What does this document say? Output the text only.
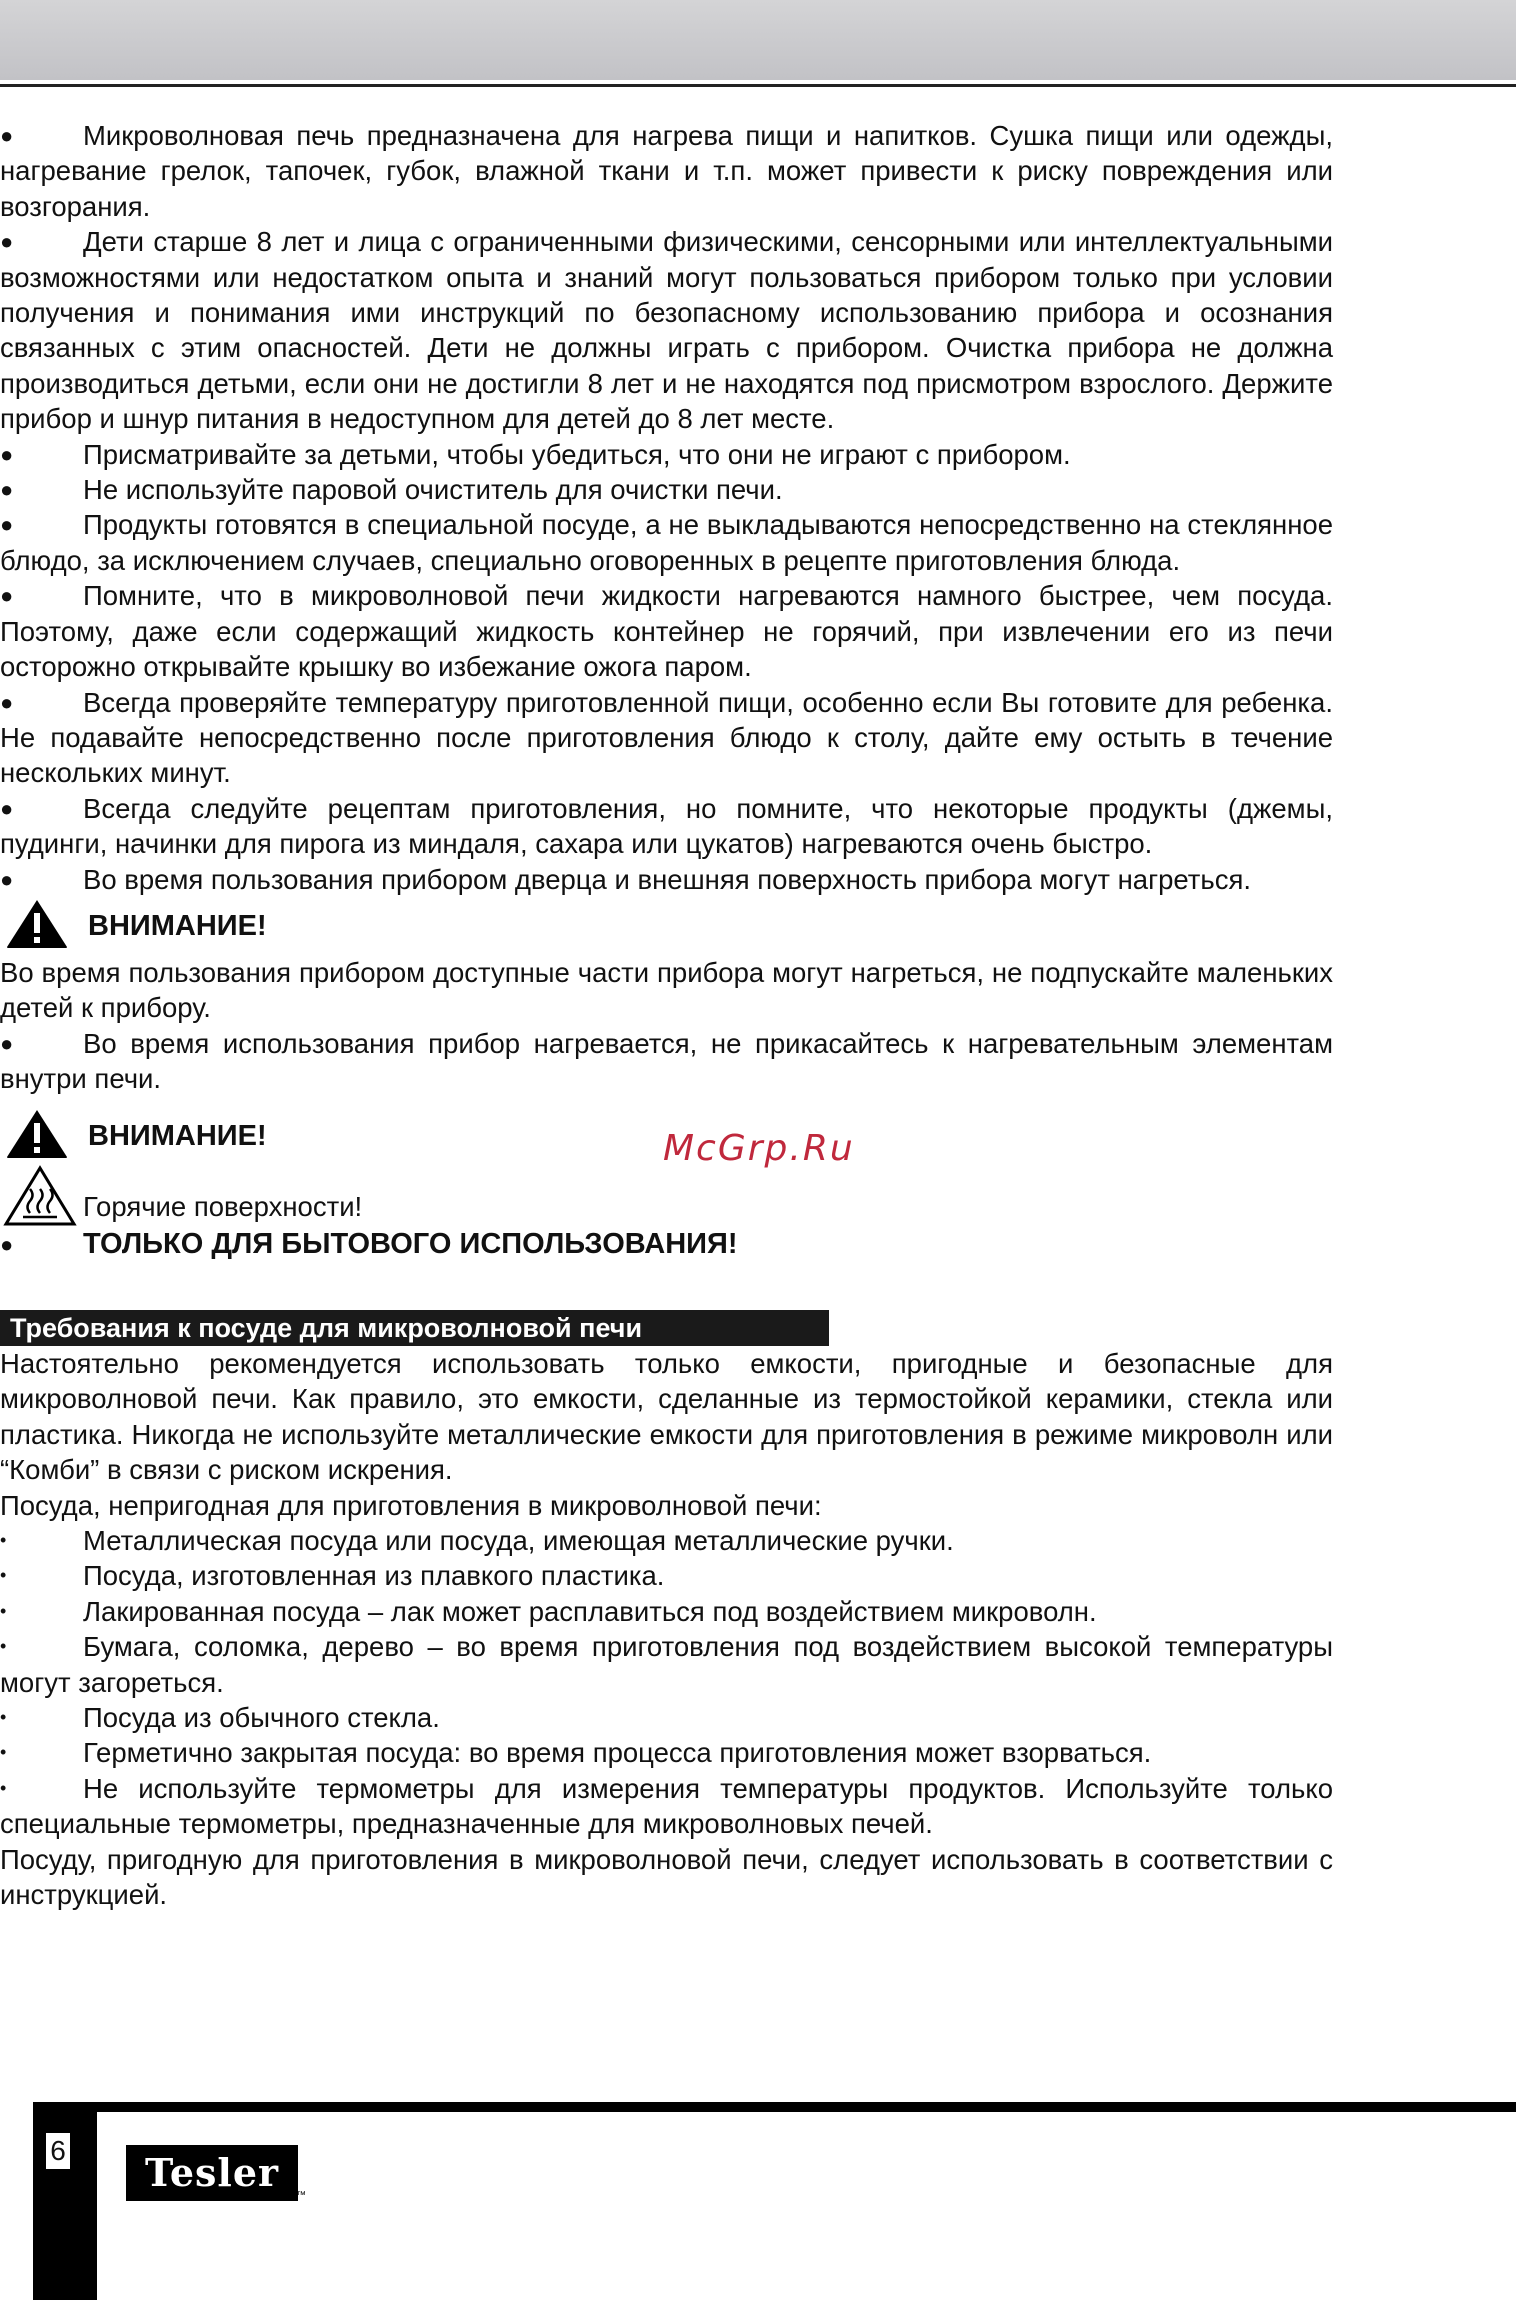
●	Микроволновая печь предназначена для нагрева пищи и напитков. Сушка пищи или одежды, нагревание грелок, тапочек, губок, влажной ткани и т.п. может привести к риску повреждения или возгорания.
●	Дети старше 8 лет и лица с ограниченными физическими, сенсорными или интеллектуальными возможностями или недостатком опыта и знаний могут пользоваться прибором только при условии получения и понимания ими инструкций по безопасному использованию прибора и осознания связанных с этим опасностей. Дети не должны играть с прибором. Очистка прибора не должна производиться детьми, если они не достигли 8 лет и не находятся под присмотром взрослого. Держите прибор и шнур питания в недоступном для детей до 8 лет месте.
●	Присматривайте за детьми, чтобы убедиться, что они не играют с прибором.
●	Не используйте паровой очиститель для очистки печи.
●	Продукты готовятся в специальной посуде, а не выкладываются непосредственно на стеклянное блюдо, за исключением случаев, специально оговоренных в рецепте приготовления блюда.
●	Помните, что в микроволновой печи жидкости нагреваются намного быстрее, чем посуда. Поэтому, даже если содержащий жидкость контейнер не горячий, при извлечении его из печи осторожно открывайте крышку во избежание ожога паром.
●	Всегда проверяйте температуру приготовленной пищи, особенно если Вы готовите для ребенка. Не подавайте непосредственно после приготовления блюдо к столу, дайте ему остыть в течение нескольких минут.
●	Всегда следуйте рецептам приготовления, но помните, что некоторые продукты (джемы, пудинги, начинки для пирога из миндаля, сахара или цукатов) нагреваются очень быстро.
●	Во время пользования прибором дверца и внешняя поверхность прибора могут нагреться.
ВНИМАНИЕ!

Во время пользования прибором доступные части прибора могут нагреться, не подпускайте маленьких детей к прибору.

●	Во время использования прибор нагревается, не прикасайтесь к нагревательным элементам внутри печи.
ВНИМАНИЕ!
Горячие поверхности!
●	ТОЛЬКО ДЛЯ БЫТОВОГО ИСПОЛЬЗОВАНИЯ!
Требования к посуде для микроволновой печи

Настоятельно рекомендуется использовать только емкости, пригодные и безопасные для микроволновой печи. Как правило, это емкости, сделанные из термостойкой керамики, стекла или пластика. Никогда не используйте металлические емкости для приготовления в режиме микроволн или “Комби” в связи с риском искрения.

Посуда, непригодная для приготовления в микроволновой печи:

•	Металлическая посуда или посуда, имеющая металлические ручки.
•	Посуда, изготовленная из плавкого пластика.
•	Лакированная посуда – лак может расплавиться под воздействием микроволн.
•	Бумага, соломка, дерево – во время приготовления под воздействием высокой температуры могут загореться.
•	Посуда из обычного стекла.
•	Герметично закрытая посуда: во время процесса приготовления может взорваться.
•	Не используйте термометры для измерения температуры продуктов. Используйте только специальные термометры, предназначенные для микроволновых печей.

Посуду, пригодную для приготовления в микроволновой печи, следует использовать в соответствии с инструкцией.

McGrp.Ru
6	Tesler
™
